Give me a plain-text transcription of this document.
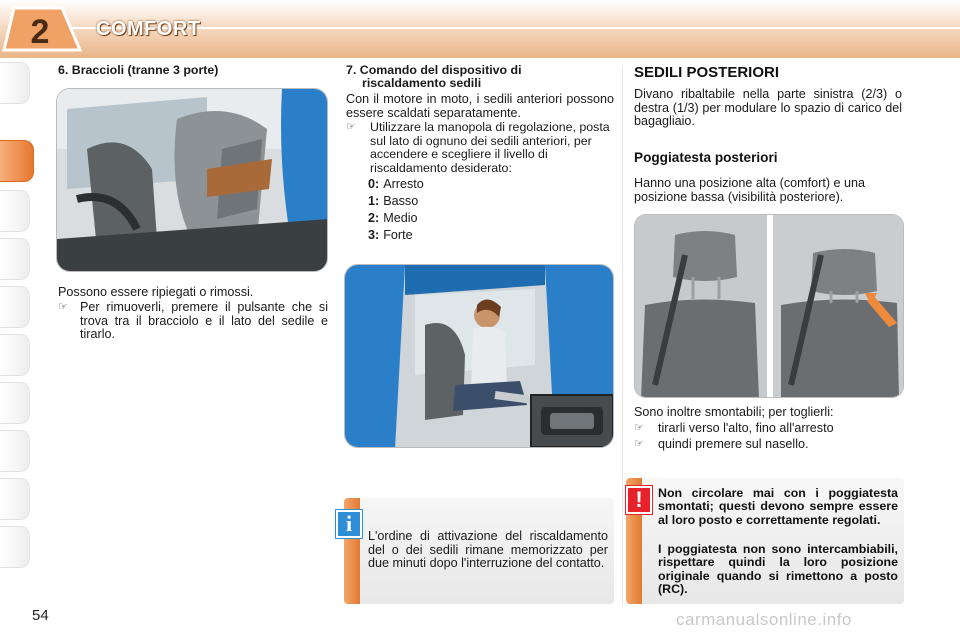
2	COMFORT
6. Braccioli (tranne 3 porte)
Possono essere ripiegati o rimossi.
☞ Per rimuoverli, premere il pulsante che si trova tra il bracciolo e il lato del sedile e tirarlo.
7. Comando del dispositivo di
riscaldamento sedili
Con il motore in moto, i sedili anteriori possono essere scaldati separatamente.
☞ Utilizzare la manopola di regolazione, posta sul lato di ognuno dei sedili anteriori, per accendere e scegliere il livello di riscaldamento desiderato:
0: Arresto
1: Basso
2: Medio
3: Forte
i	L'ordine di attivazione del riscaldamento del o dei sedili rimane memorizzato per due minuti dopo l'interruzione del contatto.
SEDILI POSTERIORI
Divano ribaltabile nella parte sinistra (2/3) o destra (1/3) per modulare lo spazio di carico del bagagliaio.
Poggiatesta posteriori
Hanno una posizione alta (comfort) e una posizione bassa (visibilità posteriore).
Sono inoltre smontabili; per toglierli:
☞ tirarli verso l'alto, fino all'arresto
☞ quindi premere sul nasello.
!	Non circolare mai con i poggiatesta smontati; questi devono sempre essere al loro posto e correttamente regolati.
I poggiatesta non sono intercambiabili, rispettare quindi la loro posizione originale quando si rimettono a posto (RC).
54	carmanualsonline.info
